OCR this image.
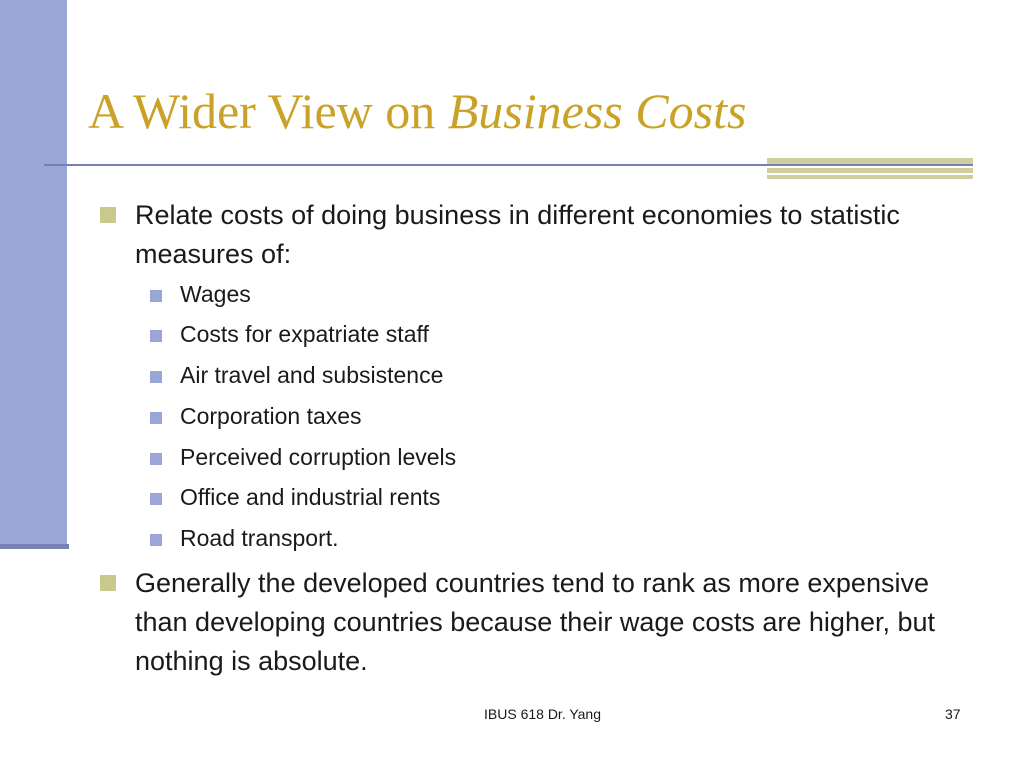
A Wider View on Business Costs
Relate costs of doing business in different economies to statistic measures of:
Wages
Costs for expatriate staff
Air travel and subsistence
Corporation taxes
Perceived corruption levels
Office and industrial rents
Road transport.
Generally the developed countries tend to rank as more expensive than developing countries because their wage costs are higher, but nothing is absolute.
IBUS 618 Dr. Yang	37
